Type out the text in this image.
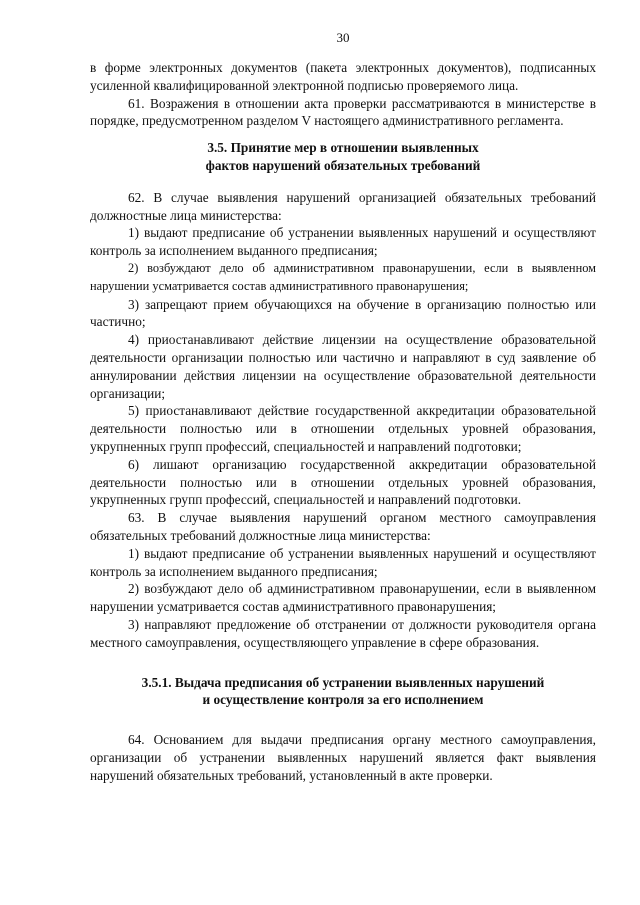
30

в форме электронных документов (пакета электронных документов), подписанных усиленной квалифицированной электронной подписью проверяемого лица.

61. Возражения в отношении акта проверки рассматриваются в министерстве в порядке, предусмотренном разделом V настоящего административного регламента.

3.5. Принятие мер в отношении выявленных
фактов нарушений обязательных требований

62. В случае выявления нарушений организацией обязательных требований должностные лица министерства:

1) выдают предписание об устранении выявленных нарушений и осуществляют контроль за исполнением выданного предписания;

2) возбуждают дело об административном правонарушении, если в выявленном нарушении усматривается состав административного правонарушения;

3) запрещают прием обучающихся на обучение в организацию полностью или частично;

4) приостанавливают действие лицензии на осуществление образовательной деятельности организации полностью или частично и направляют в суд заявление об аннулировании действия лицензии на осуществление образовательной деятельности организации;

5) приостанавливают действие государственной аккредитации образовательной деятельности полностью или в отношении отдельных уровней образования, укрупненных групп профессий, специальностей и направлений подготовки;

6) лишают организацию государственной аккредитации образовательной деятельности полностью или в отношении отдельных уровней образования, укрупненных групп профессий, специальностей и направлений подготовки.

63. В случае выявления нарушений органом местного самоуправления обязательных требований должностные лица министерства:

1) выдают предписание об устранении выявленных нарушений и осуществляют контроль за исполнением выданного предписания;

2) возбуждают дело об административном правонарушении, если в выявленном нарушении усматривается состав административного правонарушения;

3) направляют предложение об отстранении от должности руководителя органа местного самоуправления, осуществляющего управление в сфере образования.

3.5.1. Выдача предписания об устранении выявленных нарушений
и осуществление контроля за его исполнением

64. Основанием для выдачи предписания органу местного самоуправления, организации об устранении выявленных нарушений является факт выявления нарушений обязательных требований, установленный в акте проверки.
